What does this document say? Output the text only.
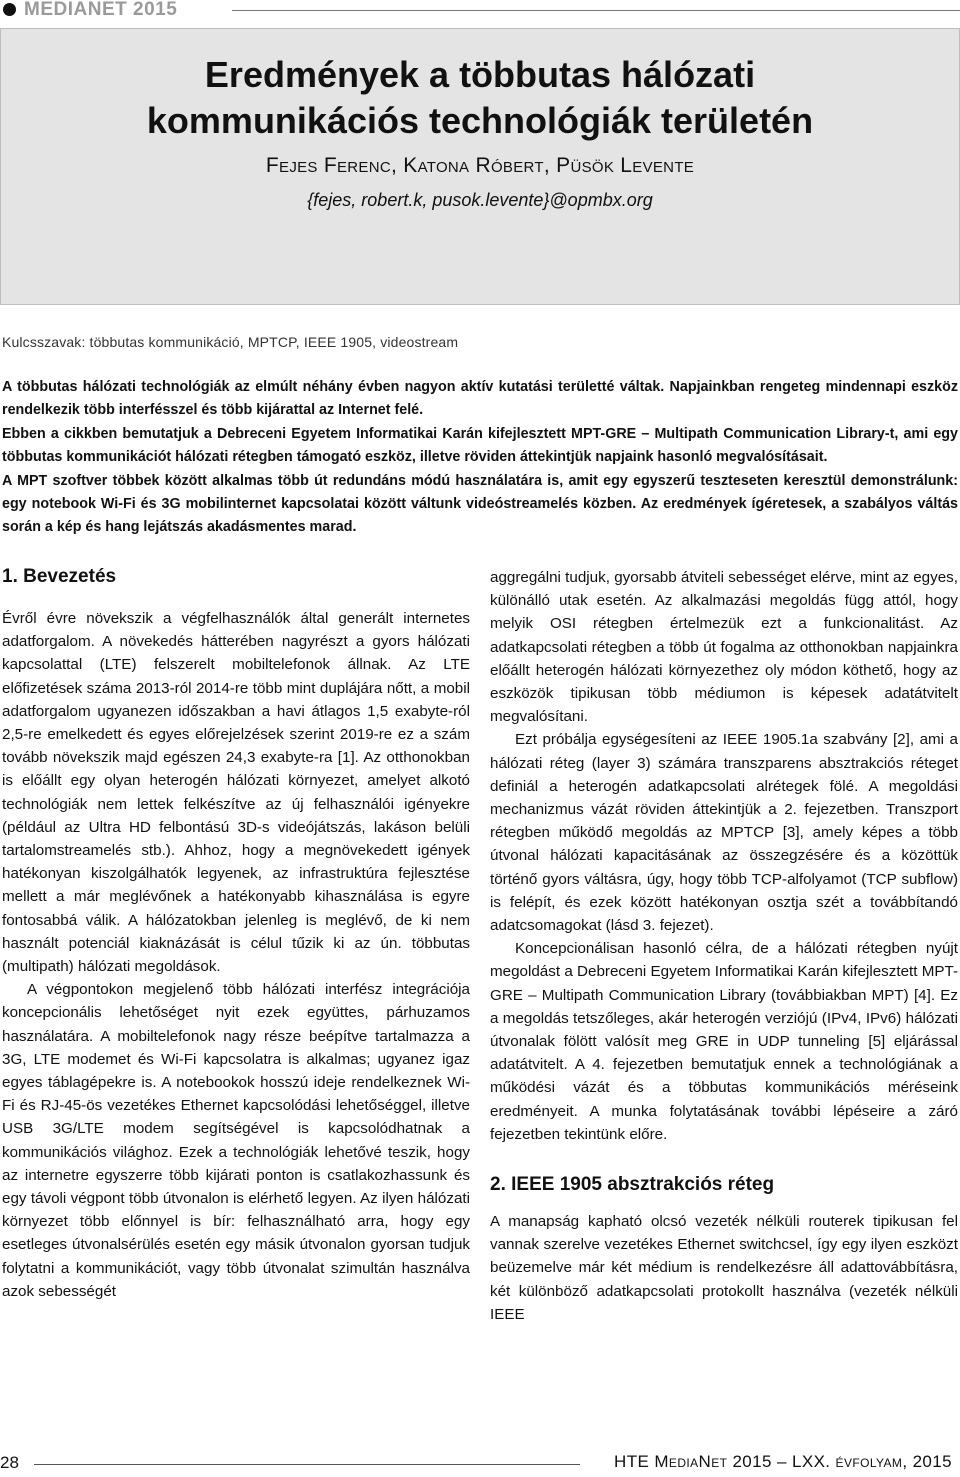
MEDIANET 2015
Eredmények a többutas hálózati
kommunikációs technológiák területén
Fejes Ferenc, Katona Róbert, Püsök Levente
{fejes, robert.k, pusok.levente}@opmbx.org
Kulcsszavak: többutas kommunikáció, MPTCP, IEEE 1905, videostream

A többutas hálózati technológiák az elmúlt néhány évben nagyon aktív kutatási területté váltak. Napjainkban rengeteg mindennapi eszköz rendelkezik több interfésszel és több kijárattal az Internet felé.

Ebben a cikkben bemutatjuk a Debreceni Egyetem Informatikai Karán kifejlesztett MPT-GRE – Multipath Communication Library-t, ami egy többutas kommunikációt hálózati rétegben támogató eszköz, illetve röviden áttekintjük napjaink hasonló megvalósításait.

A MPT szoftver többek között alkalmas több út redundáns módú használatára is, amit egy egyszerű teszteseten keresztül demonstrálunk: egy notebook Wi-Fi és 3G mobilinternet kapcsolatai között váltunk videóstreamelés közben. Az eredmények ígéretesek, a szabályos váltás során a kép és hang lejátszás akadásmentes marad.

1. Bevezetés

Évről évre növekszik a végfelhasználók által generált internetes adatforgalom. A növekedés hátterében nagyrészt a gyors hálózati kapcsolattal (LTE) felszerelt mobiltelefonok állnak. Az LTE előfizetések száma 2013-ról 2014-re több mint duplájára nőtt, a mobil adatforgalom ugyanezen időszakban a havi átlagos 1,5 exabyte-ról 2,5-re emelkedett és egyes előrejelzések szerint 2019-re ez a szám tovább növekszik majd egészen 24,3 exabyte-ra [1]. Az otthonokban is előállt egy olyan heterogén hálózati környezet, amelyet alkotó technológiák nem lettek felkészítve az új felhasználói igényekre (például az Ultra HD felbontású 3D-s videójátszás, lakáson belüli tartalomstreamelés stb.). Ahhoz, hogy a megnövekedett igények hatékonyan kiszolgálhatók legyenek, az infrastruktúra fejlesztése mellett a már meglévőnek a hatékonyabb kihasználása is egyre fontosabbá válik. A hálózatokban jelenleg is meglévő, de ki nem használt potenciál kiaknázását is célul tűzik ki az ún. többutas (multipath) hálózati megoldások.

A végpontokon megjelenő több hálózati interfész integrációja koncepcionális lehetőséget nyit ezek együttes, párhuzamos használatára. A mobiltelefonok nagy része beépítve tartalmazza a 3G, LTE modemet és Wi-Fi kapcsolatra is alkalmas; ugyanez igaz egyes táblagépekre is. A notebookok hosszú ideje rendelkeznek Wi-Fi és RJ-45-ös vezetékes Ethernet kapcsolódási lehetőséggel, illetve USB 3G/LTE modem segítségével is kapcsolódhatnak a kommunikációs világhoz. Ezek a technológiák lehetővé teszik, hogy az internetre egyszerre több kijárati ponton is csatlakozhassunk és egy távoli végpont több útvonalon is elérhető legyen. Az ilyen hálózati környezet több előnnyel is bír: felhasználható arra, hogy egy esetleges útvonalsérülés esetén egy másik útvonalon gyorsan tudjuk folytatni a kommunikációt, vagy több útvonalat szimultán használva azok sebességét

aggregálni tudjuk, gyorsabb átviteli sebességet elérve, mint az egyes, különálló utak esetén. Az alkalmazási megoldás függ attól, hogy melyik OSI rétegben értelmezük ezt a funkcionalitást. Az adatkapcsolati rétegben a több út fogalma az otthonokban napjainkra előállt heterogén hálózati környezethez oly módon köthető, hogy az eszközök tipikusan több médiumon is képesek adatátvitelt megvalósítani.

Ezt próbálja egységesíteni az IEEE 1905.1a szabvány [2], ami a hálózati réteg (layer 3) számára transzparens absztrakciós réteget definiál a heterogén adatkapcsolati alrétegek fölé. A megoldási mechanizmus vázát röviden áttekintjük a 2. fejezetben. Transzport rétegben működő megoldás az MPTCP [3], amely képes a több útvonal hálózati kapacitásának az összegzésére és a közöttük történő gyors váltásra, úgy, hogy több TCP-alfolyamot (TCP subflow) is felépít, és ezek között hatékonyan osztja szét a továbbítandó adatcsomagokat (lásd 3. fejezet).

Koncepcionálisan hasonló célra, de a hálózati rétegben nyújt megoldást a Debreceni Egyetem Informatikai Karán kifejlesztett MPT-GRE – Multipath Communication Library (továbbiakban MPT) [4]. Ez a megoldás tetszőleges, akár heterogén verziójú (IPv4, IPv6) hálózati útvonalak fölött valósít meg GRE in UDP tunneling [5] eljárással adatátvitelt. A 4. fejezetben bemutatjuk ennek a technológiának a működési vázát és a többutas kommunikációs méréseink eredményeit. A munka folytatásának további lépéseire a záró fejezetben tekintünk előre.

2. IEEE 1905 absztrakciós réteg

A manapság kapható olcsó vezeték nélküli routerek tipikusan fel vannak szerelve vezetékes Ethernet switchcsel, így egy ilyen eszközt beüzemelve már két médium is rendelkezésre áll adattovábbításra, két különböző adatkapcsolati protokollt használva (vezeték nélküli IEEE

28	HTE MediaNet 2015 – LXX. évfolyam, 2015
